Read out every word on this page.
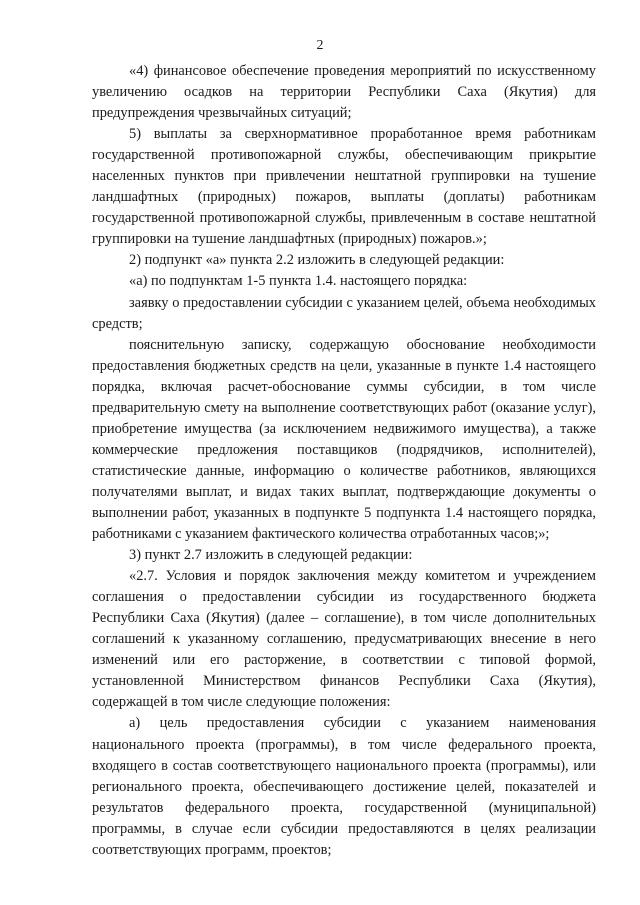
2

«4) финансовое обеспечение проведения мероприятий по искусственному увеличению осадков на территории Республики Саха (Якутия) для предупреждения чрезвычайных ситуаций;

5) выплаты за сверхнормативное проработанное время работникам государственной противопожарной службы, обеспечивающим прикрытие населенных пунктов при привлечении нештатной группировки на тушение ландшафтных (природных) пожаров, выплаты (доплаты) работникам государственной противопожарной службы, привлеченным в составе нештатной группировки на тушение ландшафтных (природных) пожаров.»;

2) подпункт «а» пункта 2.2 изложить в следующей редакции:

«а) по подпунктам 1-5 пункта 1.4. настоящего порядка:

заявку о предоставлении субсидии с указанием целей, объема необходимых средств;

пояснительную записку, содержащую обоснование необходимости предоставления бюджетных средств на цели, указанные в пункте 1.4 настоящего порядка, включая расчет-обоснование суммы субсидии, в том числе предварительную смету на выполнение соответствующих работ (оказание услуг), приобретение имущества (за исключением недвижимого имущества), а также коммерческие предложения поставщиков (подрядчиков, исполнителей), статистические данные, информацию о количестве работников, являющихся получателями выплат, и видах таких выплат, подтверждающие документы о выполнении работ, указанных в подпункте 5 подпункта 1.4 настоящего порядка, работниками с указанием фактического количества отработанных часов;»;

3) пункт 2.7 изложить в следующей редакции:

«2.7. Условия и порядок заключения между комитетом и учреждением соглашения о предоставлении субсидии из государственного бюджета Республики Саха (Якутия) (далее – соглашение), в том числе дополнительных соглашений к указанному соглашению, предусматривающих внесение в него изменений или его расторжение, в соответствии с типовой формой, установленной Министерством финансов Республики Саха (Якутия), содержащей в том числе следующие положения:

а) цель предоставления субсидии с указанием наименования национального проекта (программы), в том числе федерального проекта, входящего в состав соответствующего национального проекта (программы), или регионального проекта, обеспечивающего достижение целей, показателей и результатов федерального проекта, государственной (муниципальной) программы, в случае если субсидии предоставляются в целях реализации соответствующих программ, проектов;
